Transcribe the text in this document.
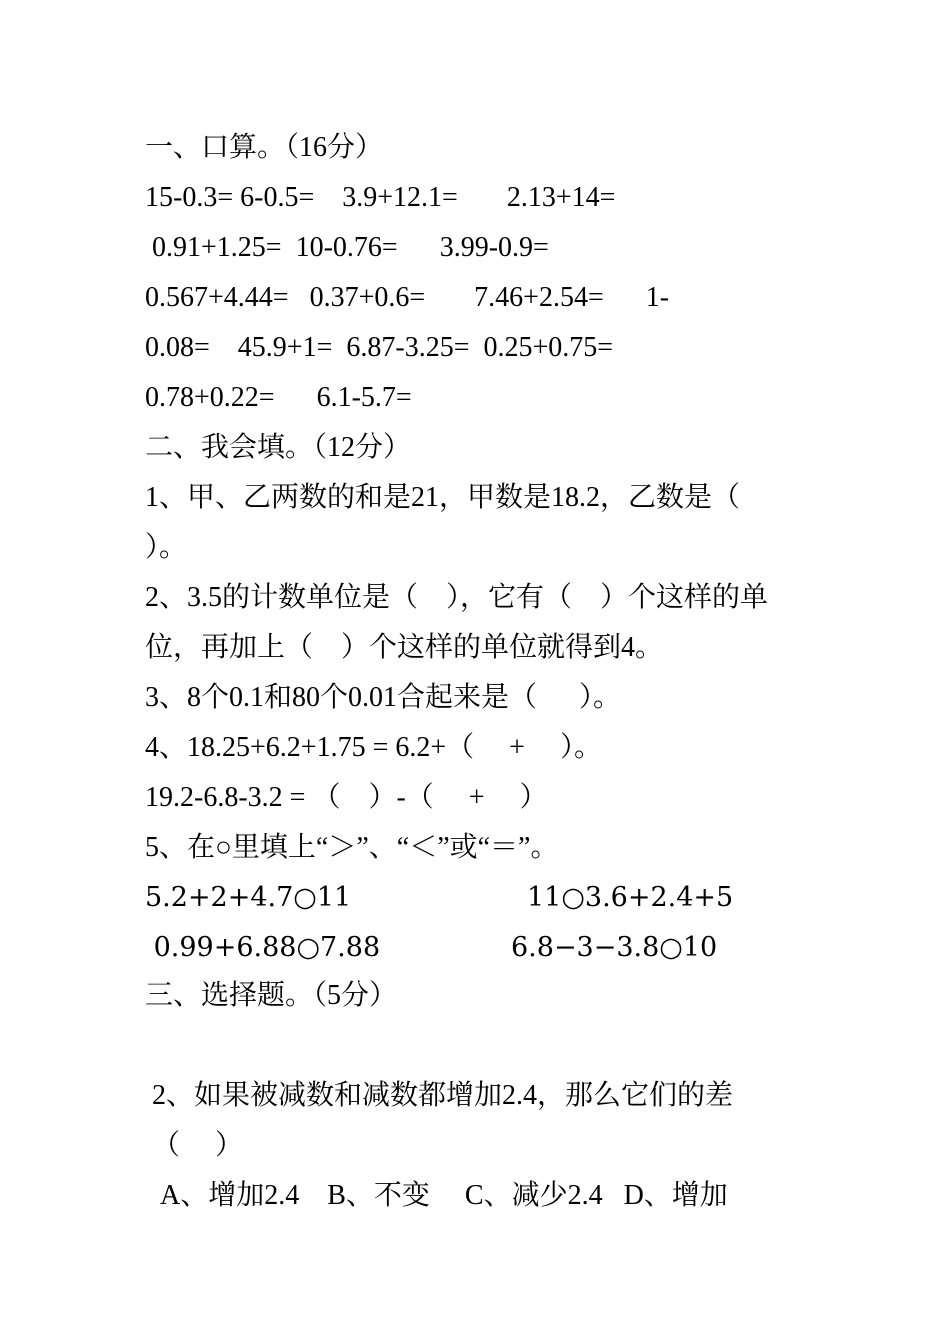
一、口算。（16分）

15-0.3= 6-0.5=    3.9+12.1=       2.13+14=

0.91+1.25=  10-0.76=      3.99-0.9=

0.567+4.44=   0.37+0.6=       7.46+2.54=      1-

0.08=    45.9+1=  6.87-3.25=  0.25+0.75=

0.78+0.22=      6.1-5.7=

二、我会填。（12分）

1、甲、乙两数的和是21，甲数是18.2，乙数是（

）。

2、3.5的计数单位是（    ），它有（    ）个这样的单

位，再加上（    ）个这样的单位就得到4。

3、8个0.1和80个0.01合起来是（      ）。

4、18.25+6.2+1.75 = 6.2+（     +     ）。

19.2-6.8-3.2 = （    ）-（     +     ）

5、在○里填上“＞”、“＜”或“＝”。

5.2+2+4.7○11	11○3.6+2.4+5

0.99+6.88○7.88	6.8−3−3.8○10

三、选择题。（5分）

2、如果被减数和减数都增加2.4，那么它们的差

（     ）

A、增加2.4    B、不变     C、减少2.4   D、增加
